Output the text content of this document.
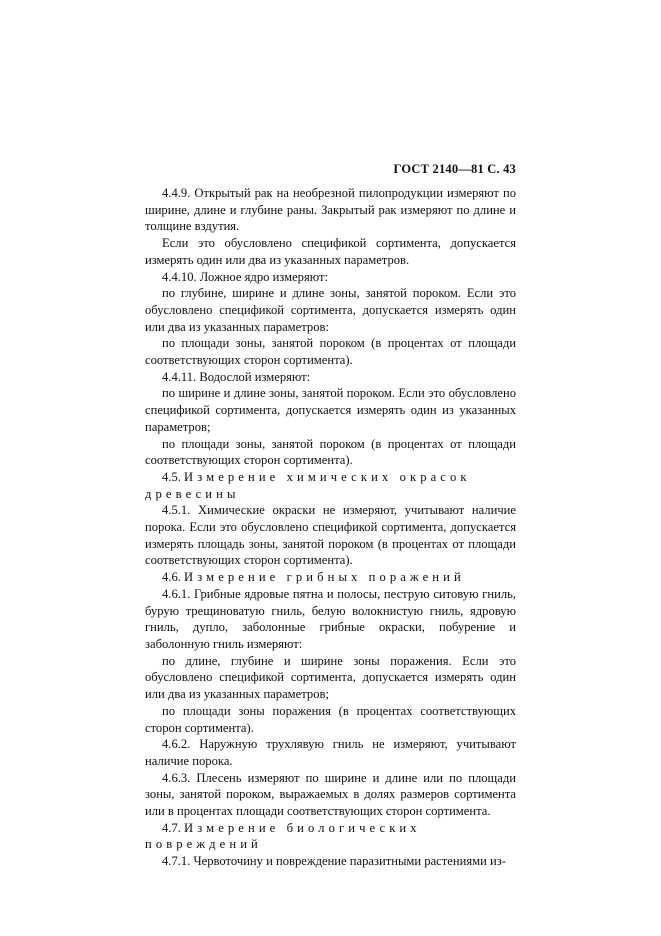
ГОСТ 2140—81 С. 43

4.4.9. Открытый рак на необрезной пилопродукции измеряют по ширине, длине и глубине раны. Закрытый рак измеряют по длине и толщине вздутия.

Если это обусловлено спецификой сортимента, допускается измерять один или два из указанных параметров.

4.4.10. Ложное ядро измеряют:

по глубине, ширине и длине зоны, занятой пороком. Если это обусловлено спецификой сортимента, допускается измерять один или два из указанных параметров:

по площади зоны, занятой пороком (в процентах от площади соответствующих сторон сортимента).

4.4.11. Водослой измеряют:

по ширине и длине зоны, занятой пороком. Если это обусловлено спецификой сортимента, допускается измерять один из указанных параметров;

по площади зоны, занятой пороком (в процентах от площади соответствующих сторон сортимента).

4.5. Измерение химических окрасок древесины

4.5.1. Химические окраски не измеряют, учитывают наличие порока. Если это обусловлено спецификой сортимента, допускается измерять площадь зоны, занятой пороком (в процентах от площади соответствующих сторон сортимента).

4.6. Измерение грибных поражений

4.6.1. Грибные ядровые пятна и полосы, пеструю ситовую гниль, бурую трещиноватую гниль, белую волокнистую гниль, ядровую гниль, дупло, заболонные грибные окраски, побурение и заболонную гниль измеряют:

по длине, глубине и ширине зоны поражения. Если это обусловлено спецификой сортимента, допускается измерять один или два из указанных параметров;

по площади зоны поражения (в процентах соответствующих сторон сортимента).

4.6.2. Наружную трухлявую гниль не измеряют, учитывают наличие порока.

4.6.3. Плесень измеряют по ширине и длине или по площади зоны, занятой пороком, выражаемых в долях размеров сортимента или в процентах площади соответствующих сторон сортимента.

4.7. Измерение биологических повреждений

4.7.1. Червоточину и повреждение паразитными растениями из-
